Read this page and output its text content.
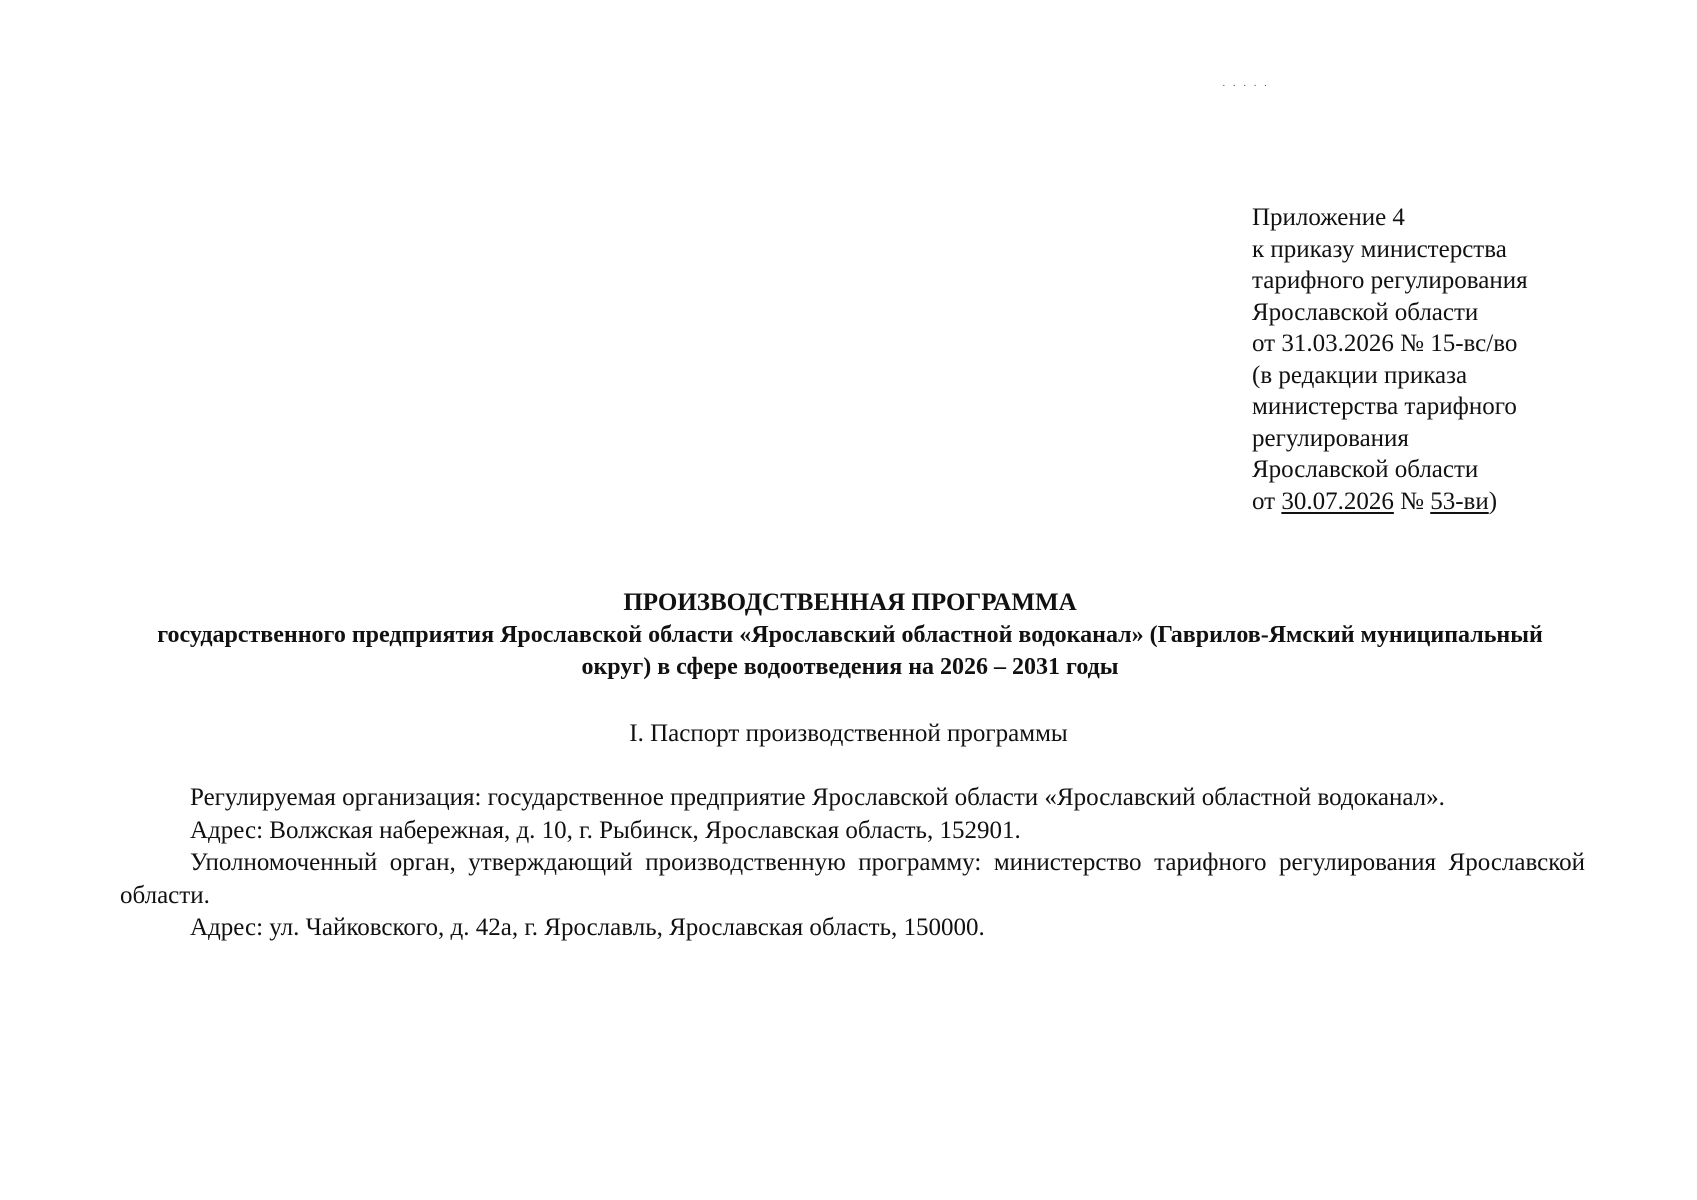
· · · · ·
Приложение 4
к приказу министерства
тарифного регулирования
Ярославской области
от 31.03.2026 № 15-вс/во
(в редакции приказа
министерства тарифного
регулирования
Ярославской области
от 30.07.2026 № 53-ви)
ПРОИЗВОДСТВЕННАЯ ПРОГРАММА
государственного предприятия Ярославской области «Ярославский областной водоканал» (Гаврилов-Ямский муниципальный округ) в сфере водоотведения на 2026 – 2031 годы
I. Паспорт производственной программы

Регулируемая организация: государственное предприятие Ярославской области «Ярославский областной водоканал».

Адрес: Волжская набережная, д. 10, г. Рыбинск, Ярославская область, 152901.

Уполномоченный орган, утверждающий производственную программу: министерство тарифного регулирования Ярославской области.

Адрес: ул. Чайковского, д. 42а, г. Ярославль, Ярославская область, 150000.
